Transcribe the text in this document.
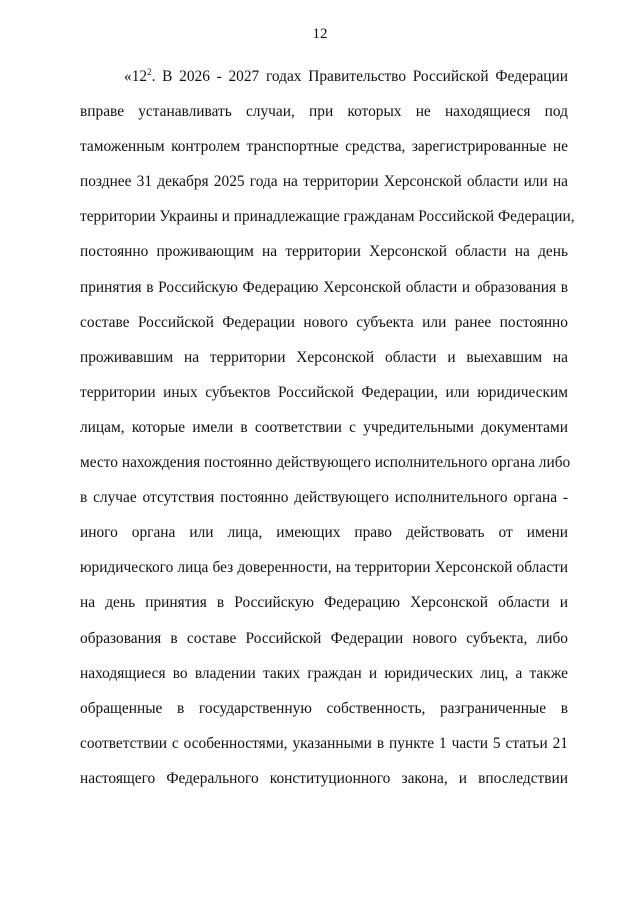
12
«$12^2$. В 2026 - 2027 годах Правительство Российской Федерации
вправе устанавливать случаи, при которых не находящиеся под
таможенным контролем транспортные средства, зарегистрированные не
позднее 31 декабря 2025 года на территории Херсонской области или на
территории Украины и принадлежащие гражданам Российской Федерации,
постоянно проживающим на территории Херсонской области на день
принятия в Российскую Федерацию Херсонской области и образования в
составе Российской Федерации нового субъекта или ранее постоянно
проживавшим на территории Херсонской области и выехавшим на
территории иных субъектов Российской Федерации, или юридическим
лицам, которые имели в соответствии с учредительными документами
место нахождения постоянно действующего исполнительного органа либо
в случае отсутствия постоянно действующего исполнительного органа -
иного органа или лица, имеющих право действовать от имени
юридического лица без доверенности, на территории Херсонской области
на день принятия в Российскую Федерацию Херсонской области и
образования в составе Российской Федерации нового субъекта, либо
находящиеся во владении таких граждан и юридических лиц, а также
обращенные в государственную собственность, разграниченные в
соответствии с особенностями, указанными в пункте 1 части 5 статьи 21
настоящего Федерального конституционного закона, и впоследствии
